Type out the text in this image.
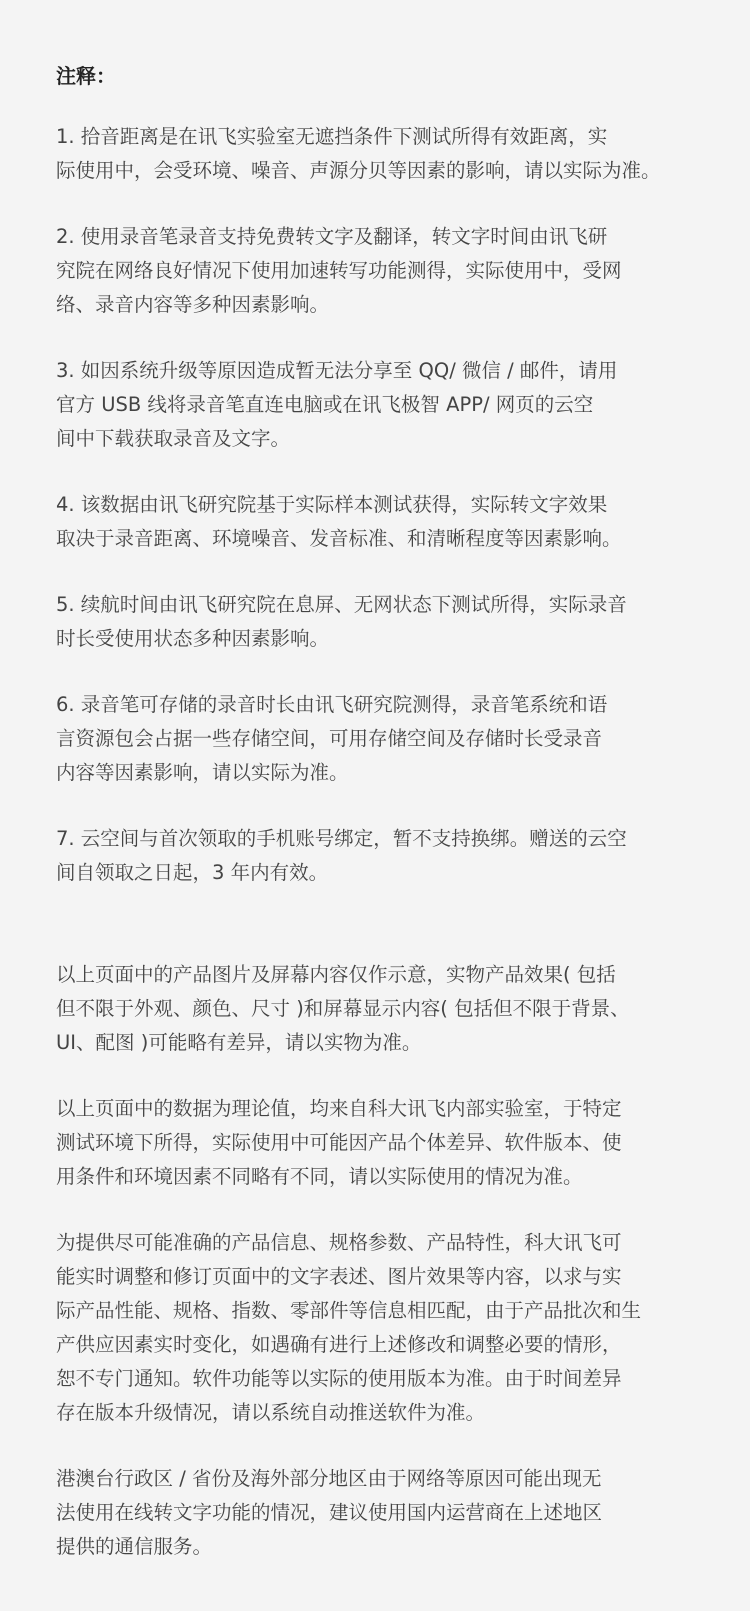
注释：

1. 拾音距离是在讯飞实验室无遮挡条件下测试所得有效距离，实
际使用中，会受环境、噪音、声源分贝等因素的影响，请以实际为准。

2. 使用录音笔录音支持免费转文字及翻译，转文字时间由讯飞研
究院在网络良好情况下使用加速转写功能测得，实际使用中，受网
络、录音内容等多种因素影响。

3. 如因系统升级等原因造成暂无法分享至 QQ/ 微信 / 邮件，请用
官方 USB 线将录音笔直连电脑或在讯飞极智 APP/ 网页的云空
间中下载获取录音及文字。

4. 该数据由讯飞研究院基于实际样本测试获得，实际转文字效果
取决于录音距离、环境噪音、发音标准、和清晰程度等因素影响。

5. 续航时间由讯飞研究院在息屏、无网状态下测试所得，实际录音
时长受使用状态多种因素影响。

6. 录音笔可存储的录音时长由讯飞研究院测得，录音笔系统和语
言资源包会占据一些存储空间，可用存储空间及存储时长受录音
内容等因素影响，请以实际为准。

7. 云空间与首次领取的手机账号绑定，暂不支持换绑。赠送的云空
间自领取之日起，3 年内有效。

以上页面中的产品图片及屏幕内容仅作示意，实物产品效果( 包括
但不限于外观、颜色、尺寸 )和屏幕显示内容( 包括但不限于背景、
UI、配图 )可能略有差异，请以实物为准。

以上页面中的数据为理论值，均来自科大讯飞内部实验室，于特定
测试环境下所得，实际使用中可能因产品个体差异、软件版本、使
用条件和环境因素不同略有不同，请以实际使用的情况为准。

为提供尽可能准确的产品信息、规格参数、产品特性，科大讯飞可
能实时调整和修订页面中的文字表述、图片效果等内容，以求与实
际产品性能、规格、指数、零部件等信息相匹配，由于产品批次和生
产供应因素实时变化，如遇确有进行上述修改和调整必要的情形，
恕不专门通知。软件功能等以实际的使用版本为准。由于时间差异
存在版本升级情况，请以系统自动推送软件为准。

港澳台行政区 / 省份及海外部分地区由于网络等原因可能出现无
法使用在线转文字功能的情况，建议使用国内运营商在上述地区
提供的通信服务。
